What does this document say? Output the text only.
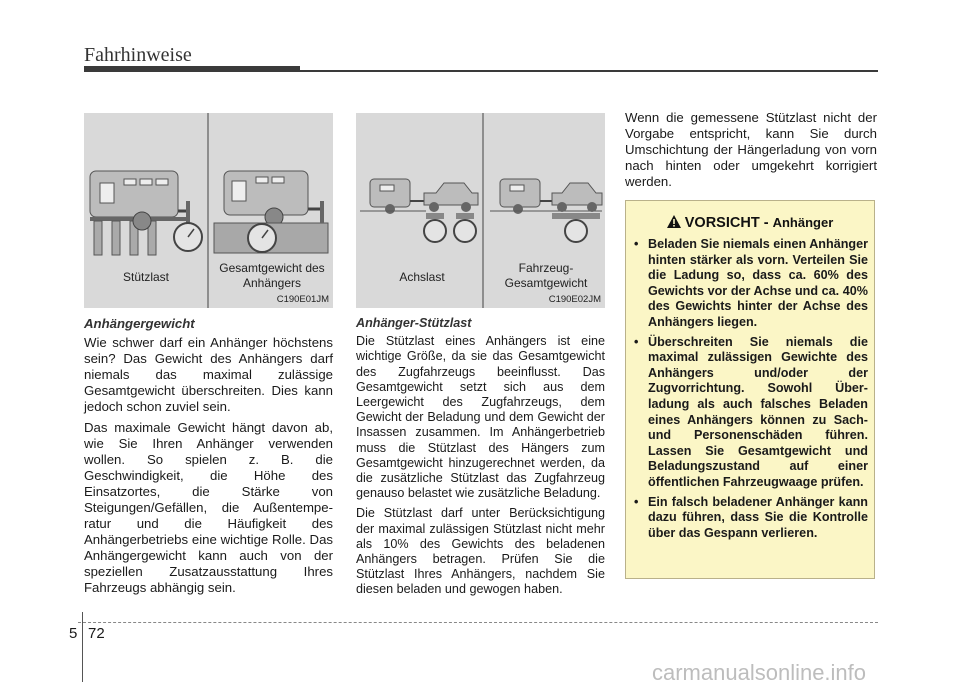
Fahrhinweise
Stützlast
Gesamtgewicht des
Anhängers
C190E01JM
Achslast
Fahrzeug-
Gesamtgewicht
C190E02JM
Anhängergewicht

Wie schwer darf ein Anhänger höchstens sein? Das Gewicht des Anhängers darf niemals das maximal zulässige Gesamtgewicht überschreiten. Dies kann jedoch schon zuviel sein.

Das maximale Gewicht hängt davon ab, wie Sie Ihren Anhänger verwenden wollen. So spielen z. B. die Geschwindigkeit, die Höhe des Einsatzortes, die Stärke von Steigungen/Gefällen, die Außentempe-ratur und die Häufigkeit des Anhängerbetriebs eine wichtige Rolle. Das Anhängergewicht kann auch von der speziellen Zusatzausstattung Ihres Fahrzeugs abhängig sein.

Anhänger-Stützlast

Die Stützlast eines Anhängers ist eine wichtige Größe, da sie das Gesamtgewicht des Zugfahrzeugs beeinflusst. Das Gesamtgewicht setzt sich aus dem Leergewicht des Zugfahrzeugs, dem Gewicht der Beladung und dem Gewicht der Insassen zusammen. Im Anhängerbetrieb muss die Stützlast des Hängers zum Gesamtgewicht hinzugerechnet werden, da die zusätzliche Stützlast das Zugfahrzeug genauso belastet wie zusätzliche Beladung.

Die Stützlast darf unter Berücksichtigung der maximal zulässigen Stützlast nicht mehr als 10% des Gewichts des beladenen Anhängers betragen. Prüfen Sie die Stützlast Ihres Anhängers, nachdem Sie diesen beladen und gewogen haben.

Wenn die gemessene Stützlast nicht der Vorgabe entspricht, kann Sie durch Umschichtung der Hängerladung von vorn nach hinten oder umgekehrt korrigiert werden.

VORSICHT - Anhänger
• Beladen Sie niemals einen Anhänger hinten stärker als vorn. Verteilen Sie die Ladung so, dass ca. 60% des Gewichts vor der Achse und ca. 40% des Gewichts hinter der Achse des Anhängers liegen.
• Überschreiten Sie niemals die maximal zulässigen Gewichte des Anhängers und/oder der Zugvorrichtung. Sowohl Über-ladung als auch falsches Beladen eines Anhängers können zu Sach- und Personenschäden führen. Lassen Sie Gesamtgewicht und Beladungszustand auf einer öffentlichen Fahrzeugwaage prüfen.
• Ein falsch beladener Anhänger kann dazu führen, dass Sie die Kontrolle über das Gespann verlieren.
5 72
carmanualsonline.info
